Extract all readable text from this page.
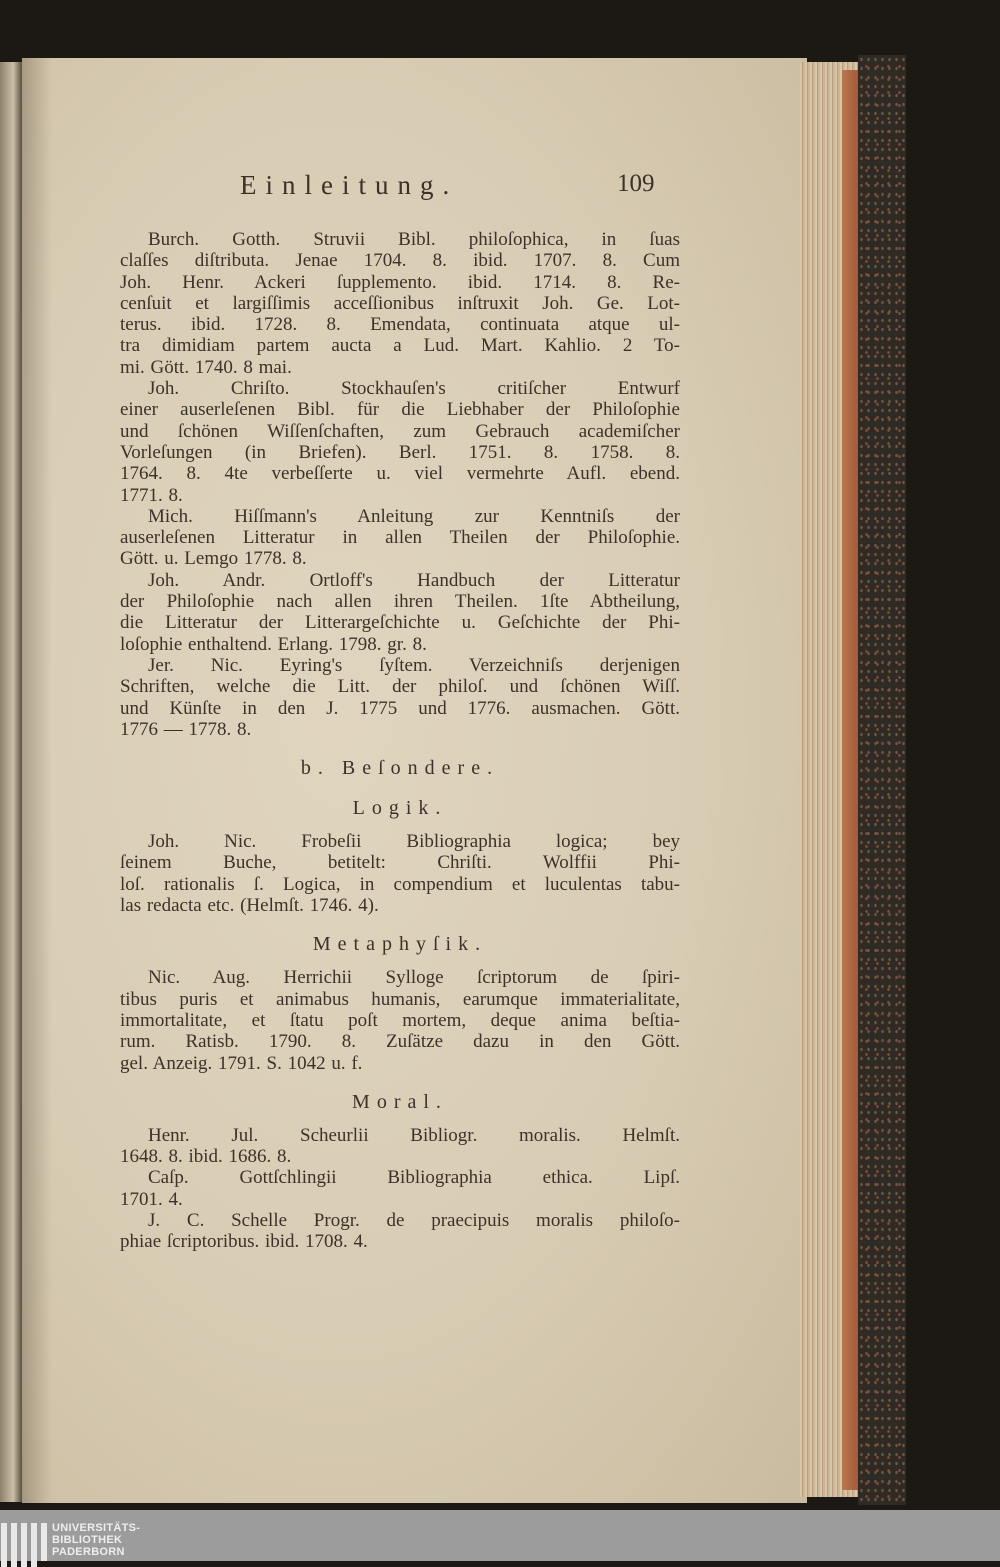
Einleitung.	109
Burch. Gotth. Struvii Bibl. philoſophica, in ſuas
claſſes diſtributa. Jenae 1704. 8. ibid. 1707. 8. Cum
Joh. Henr. Ackeri ſupplemento. ibid. 1714. 8. Re-
cenſuit et largiſſimis acceſſionibus inſtruxit Joh. Ge. Lot-
terus. ibid. 1728. 8. Emendata, continuata atque ul-
tra dimidiam partem aucta a Lud. Mart. Kahlio. 2 To-
mi. Gött. 1740. 8 mai.
Joh. Chriſto. Stockhauſen's critiſcher Entwurf
einer auserleſenen Bibl. für die Liebhaber der Philoſophie
und ſchönen Wiſſenſchaften, zum Gebrauch academiſcher
Vorleſungen (in Briefen). Berl. 1751. 8. 1758. 8.
1764. 8. 4te verbeſſerte u. viel vermehrte Aufl. ebend.
1771. 8.
Mich. Hiſſmann's Anleitung zur Kenntniſs der
auserleſenen Litteratur in allen Theilen der Philoſophie.
Gött. u. Lemgo 1778. 8.
Joh. Andr. Ortloff's Handbuch der Litteratur
der Philoſophie nach allen ihren Theilen. 1ſte Abtheilung,
die Litteratur der Litterargeſchichte u. Geſchichte der Phi-
loſophie enthaltend. Erlang. 1798. gr. 8.
Jer. Nic. Eyring's ſyſtem. Verzeichniſs derjenigen
Schriften, welche die Litt. der philoſ. und ſchönen Wiſſ.
und Künſte in den J. 1775 und 1776. ausmachen. Gött.
1776 — 1778. 8.
b. Beſondere.
Logik.
Joh. Nic. Frobeſii Bibliographia logica; bey
ſeinem Buche, betitelt: Chriſti. Wolffii Phi-
loſ. rationalis ſ. Logica, in compendium et luculentas tabu-
las redacta etc. (Helmſt. 1746. 4).
Metaphyſik.
Nic. Aug. Herrichii Sylloge ſcriptorum de ſpiri-
tibus puris et animabus humanis, earumque immaterialitate,
immortalitate, et ſtatu poſt mortem, deque anima beſtia-
rum. Ratisb. 1790. 8. Zuſätze dazu in den Gött.
gel. Anzeig. 1791. S. 1042 u. f.
Moral.
Henr. Jul. Scheurlii Bibliogr. moralis. Helmſt.
1648. 8. ibid. 1686. 8.
Caſp. Gottſchlingii Bibliographia ethica. Lipſ.
1701. 4.
J. C. Schelle Progr. de praecipuis moralis philoſo-
phiae ſcriptoribus. ibid. 1708. 4.
UNIVERSITÄTS-
BIBLIOTHEK
PADERBORN
